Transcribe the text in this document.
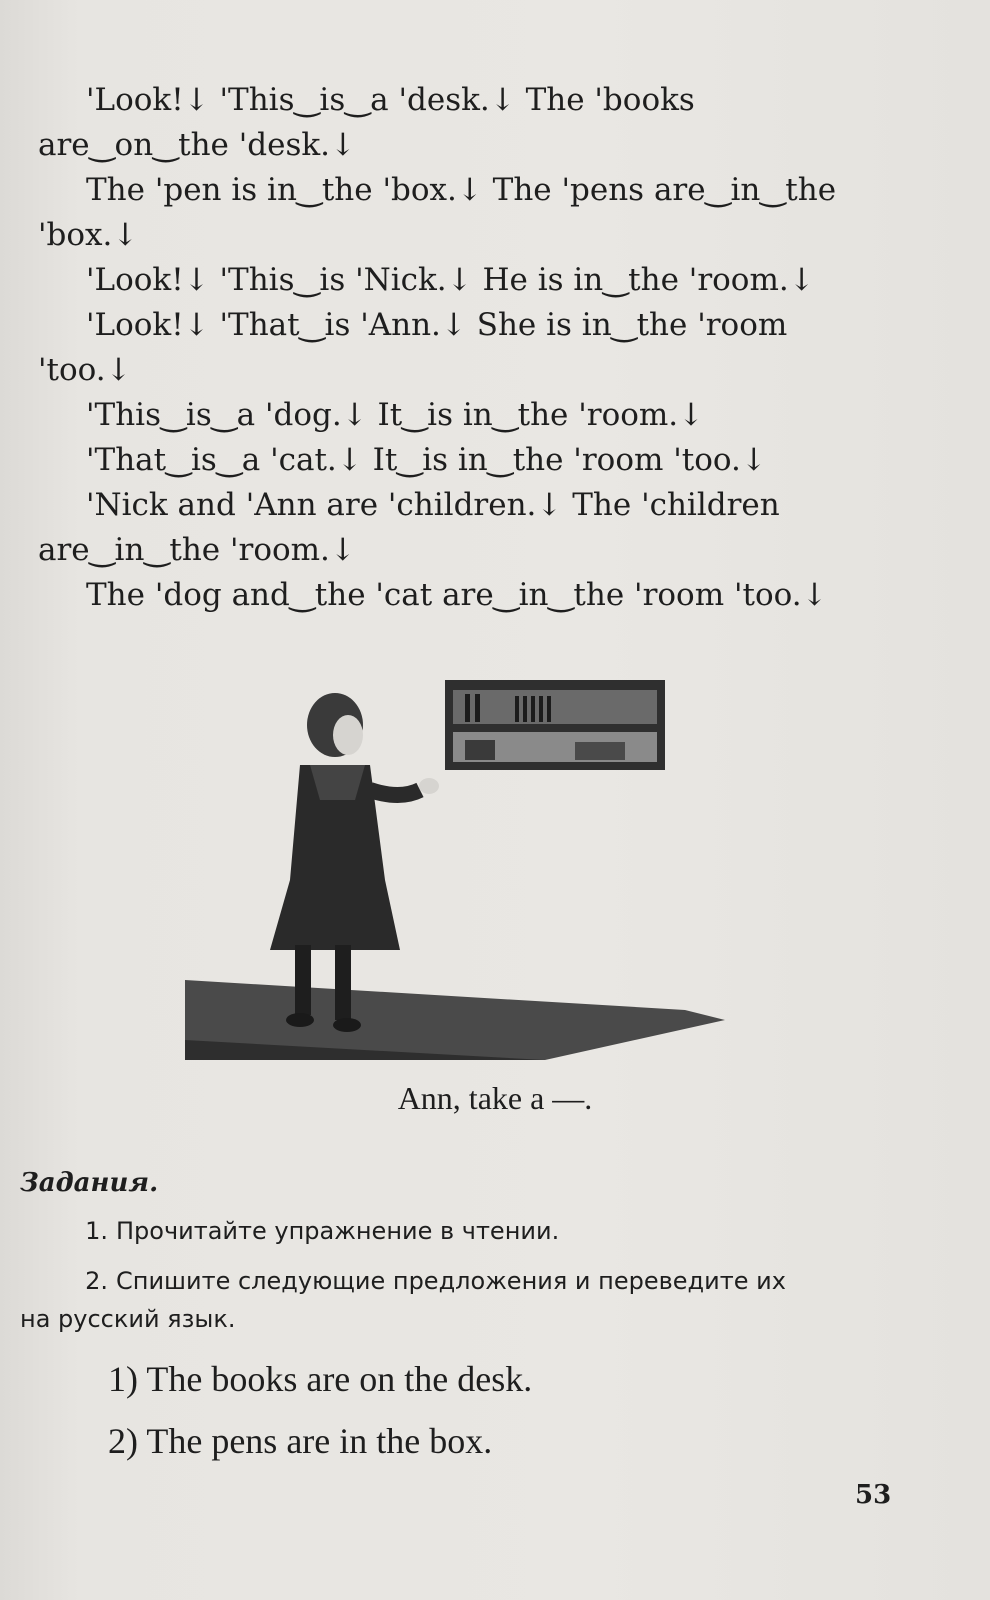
'Look!↓ 'This‿is‿a 'desk.↓ The 'books

are‿on‿the 'desk.↓

The 'pen is in‿the 'box.↓ The 'pens are‿in‿the

'box.↓

'Look!↓ 'This‿is 'Nick.↓ He is in‿the 'room.↓

'Look!↓ 'That‿is 'Ann.↓ She is in‿the 'room

'too.↓

'This‿is‿a 'dog.↓ It‿is in‿the 'room.↓

'That‿is‿a 'cat.↓ It‿is in‿the 'room 'too.↓

'Nick and 'Ann are 'children.↓ The 'children

are‿in‿the 'room.↓

The 'dog and‿the 'cat are‿in‿the 'room 'too.↓

Ann, take a —.
Задания.
1. Прочитайте упражнение в чтении.
2. Спишите следующие предложения и переведите их
на русский язык.
1) The books are on the desk.
2) The pens are in the box.
53
